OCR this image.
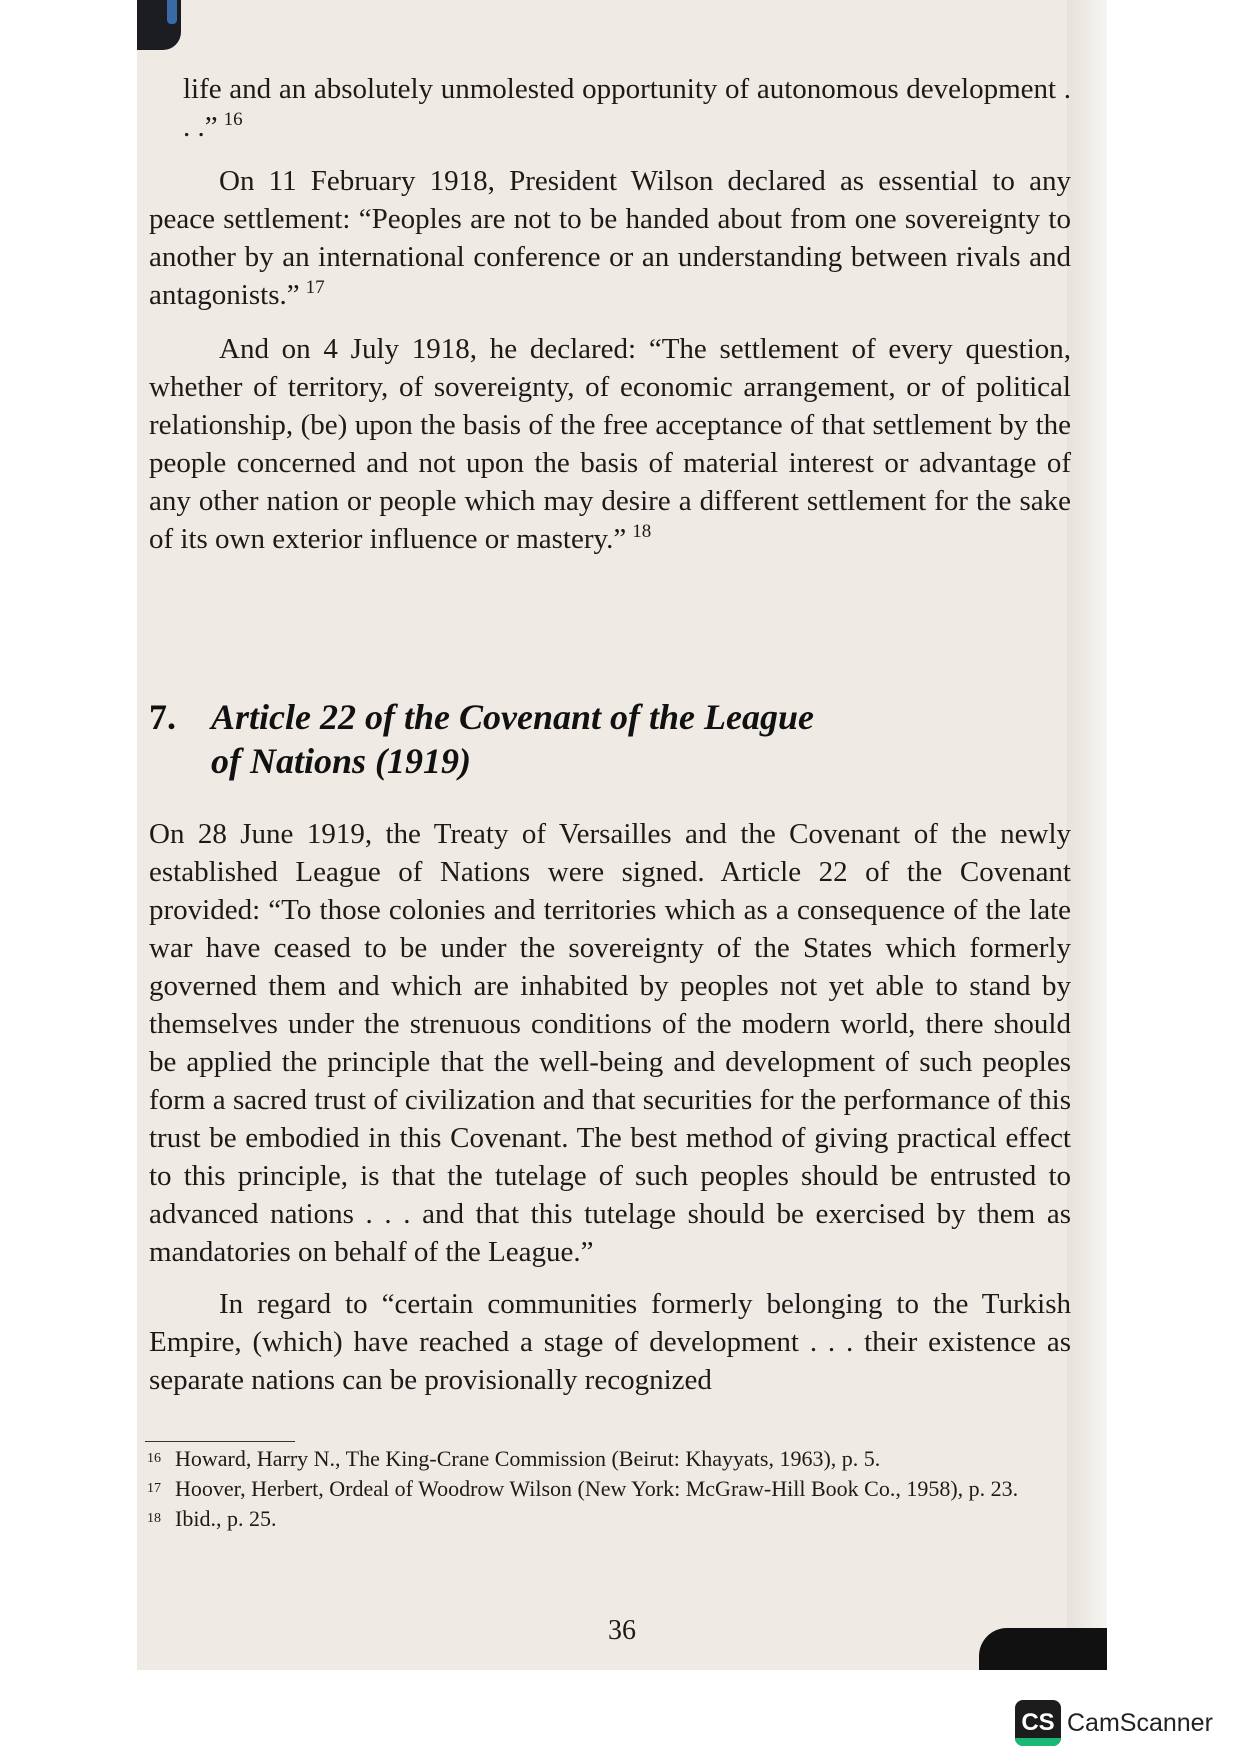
life and an absolutely unmolested opportunity of autonomous development . . .” $^{16}$

On 11 February 1918, President Wilson declared as essential to any peace settlement: “Peoples are not to be handed about from one sovereignty to another by an international conference or an understanding between rivals and antagonists.” $^{17}$

And on 4 July 1918, he declared: “The settlement of every question, whether of territory, of sovereignty, of economic arrangement, or of political relationship, (be) upon the basis of the free acceptance of that settlement by the people concerned and not upon the basis of material interest or advantage of any other nation or people which may desire a different settlement for the sake of its own exterior influence or mastery.” $^{18}$

7. Article 22 of the Covenant of the League
of Nations (1919)

On 28 June 1919, the Treaty of Versailles and the Covenant of the newly established League of Nations were signed. Article 22 of the Covenant provided: “To those colonies and territories which as a consequence of the late war have ceased to be under the sovereignty of the States which formerly governed them and which are inhabited by peoples not yet able to stand by themselves under the strenuous conditions of the modern world, there should be applied the principle that the well-being and development of such peoples form a sacred trust of civilization and that securities for the performance of this trust be embodied in this Covenant. The best method of giving practical effect to this principle, is that the tutelage of such peoples should be entrusted to advanced nations . . . and that this tutelage should be exercised by them as mandatories on behalf of the League.”

In regard to “certain communities formerly belonging to the Turkish Empire, (which) have reached a stage of development . . . their existence as separate nations can be provisionally recognized

16 Howard, Harry N., The King-Crane Commission (Beirut: Khayyats, 1963), p. 5.
17 Hoover, Herbert, Ordeal of Woodrow Wilson (New York: McGraw-Hill Book Co., 1958), p. 23.
18 Ibid., p. 25.
36
CS CamScanner
